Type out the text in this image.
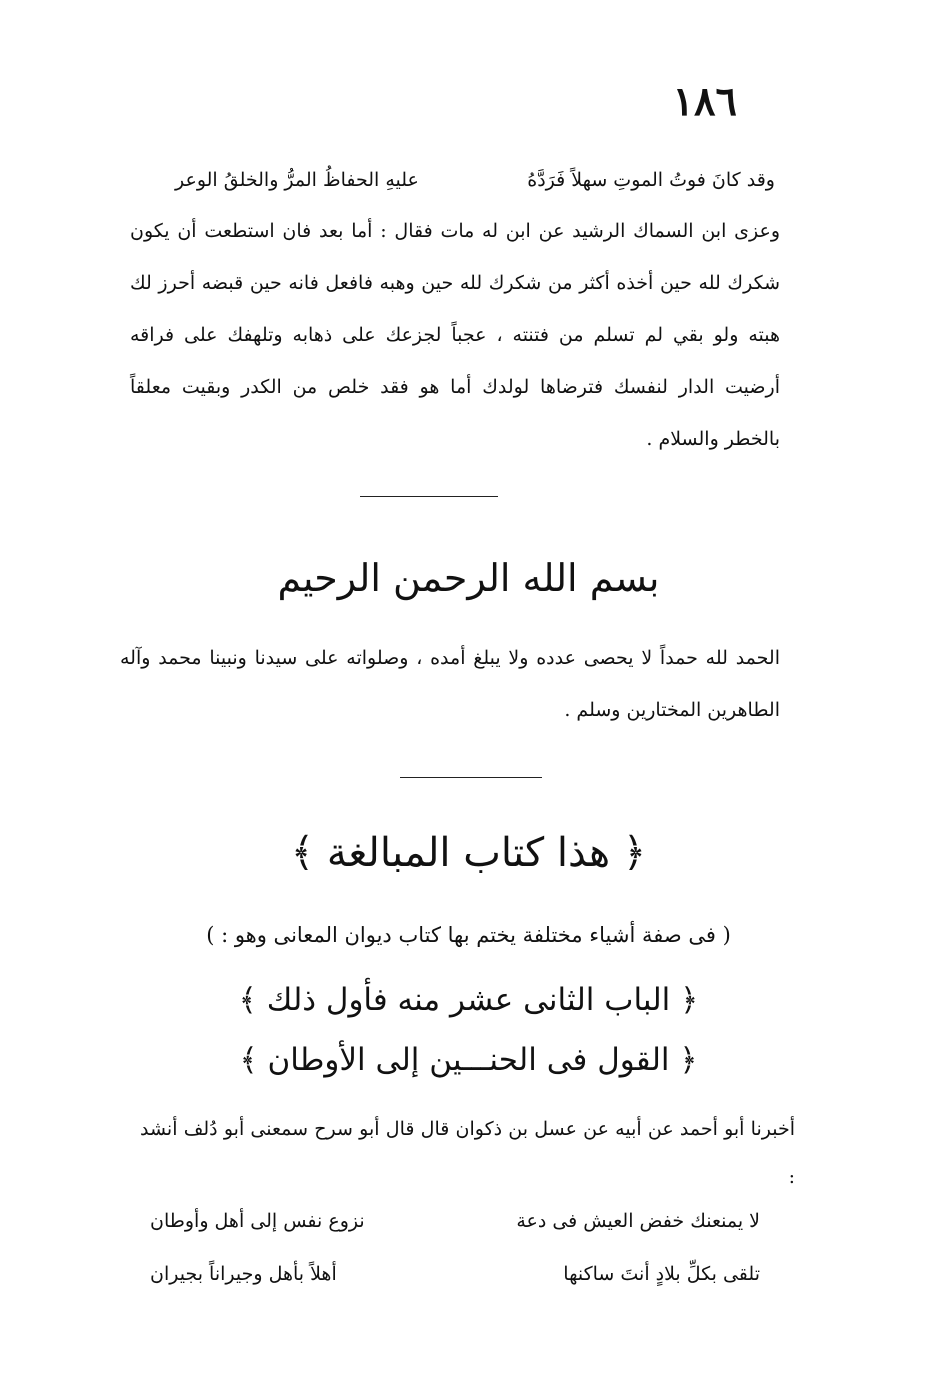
١٨٦
وقد كانَ فوتُ الموتِ سهلاً فَرَدَّهُ
عليهِ الحفاظُ المرُّ والخلقُ الوعر

وعزى ابن السماك الرشيد عن ابن له مات فقال : أما بعد فان استطعت أن يكون شكرك لله حين أخذه أكثر من شكرك لله حين وهبه فافعل فانه حين قبضه أحرز لك هبته ولو بقي لم تسلم من فتنته ، عجباً لجزعك على ذهابه وتلهفك على فراقه أرضيت الدار لنفسك فترضاها لولدك أما هو فقد خلص من الكدر وبقيت معلقاً بالخطر والسلام .

بسم الله الرحمن الرحيم

الحمد لله حمداً لا يحصى عدده ولا يبلغ أمده ، وصلواته على سيدنا ونبينا محمد وآله الطاهرين المختارين وسلم .

﴿ هذا كتاب المبالغة ﴾
( فى صفة أشياء مختلفة يختم بها كتاب ديوان المعانى وهو : )
﴿ الباب الثانى عشر منه فأول ذلك ﴾
﴿ القول فى الحنـــين إلى الأوطان ﴾

أخبرنا أبو أحمد عن أبيه عن عسل بن ذكوان قال قال أبو سرح سمعنى أبو دُلف أنشد :

لا يمنعنك خفض العيش فى دعة
نزوع نفس إلى أهل وأوطان
تلقى بكلِّ بلادٍ أنتَ ساكنها
أهلاً بأهل وجيراناً بجيران
